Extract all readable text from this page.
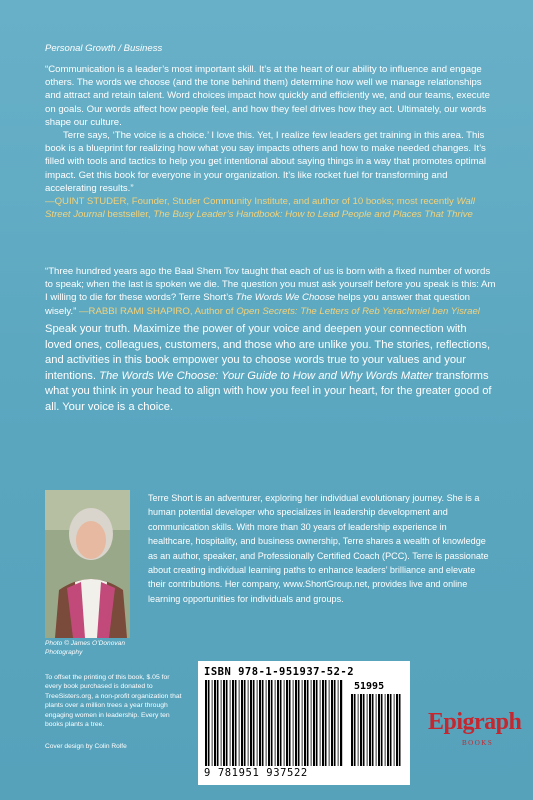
Personal Growth / Business

“Communication is a leader’s most important skill. It’s at the heart of our ability to influence and engage others. The words we choose (and the tone behind them) determine how well we manage relationships and attract and retain talent. Word choices impact how quickly and efficiently we, and our teams, execute on goals. Our words affect how people feel, and how they feel drives how they act. Ultimately, our words shape our culture.

Terre says, ‘The voice is a choice.’ I love this. Yet, I realize few leaders get training in this area. This book is a blueprint for realizing how what you say impacts others and how to make needed changes. It’s filled with tools and tactics to help you get intentional about saying things in a way that promotes optimal impact. Get this book for everyone in your organization. It’s like rocket fuel for transforming and accelerating results.”

—QUINT STUDER, Founder, Studer Community Institute, and author of 10 books; most recently Wall Street Journal bestseller, The Busy Leader’s Handbook: How to Lead People and Places That Thrive

“Three hundred years ago the Baal Shem Tov taught that each of us is born with a fixed number of words to speak; when the last is spoken we die. The question you must ask yourself before you speak is this: Am I willing to die for these words? Terre Short’s The Words We Choose helps you answer that question wisely.” —RABBI RAMI SHAPIRO, Author of Open Secrets: The Letters of Reb Yerachmiel ben Yisrael

Speak your truth. Maximize the power of your voice and deepen your connection with loved ones, colleagues, customers, and those who are unlike you. The stories, reflections, and activities in this book empower you to choose words true to your values and your intentions. The Words We Choose: Your Guide to How and Why Words Matter transforms what you think in your head to align with how you feel in your heart, for the greater good of all. Your voice is a choice.
Photo © James O’Donovan Photography
Terre Short is an adventurer, exploring her individual evolutionary journey. She is a human potential developer who specializes in leadership development and communication skills. With more than 30 years of leadership experience in healthcare, hospitality, and business ownership, Terre shares a wealth of knowledge as an author, speaker, and Professionally Certified Coach (PCC). Terre is passionate about creating individual learning paths to enhance leaders’ brilliance and elevate their contributions. Her company, www.ShortGroup.net, provides live and online learning opportunities for individuals and groups.
To offset the printing of this book, $.05 for every book purchased is donated to TreeSisters.org, a non-profit organization that plants over a million trees a year through engaging women in leadership. Every ten books plants a tree.
Cover design by Colin Rolfe
ISBN 978-1-951937-52-2
51995
9 781951 937522
Epigraph
BOOKS
